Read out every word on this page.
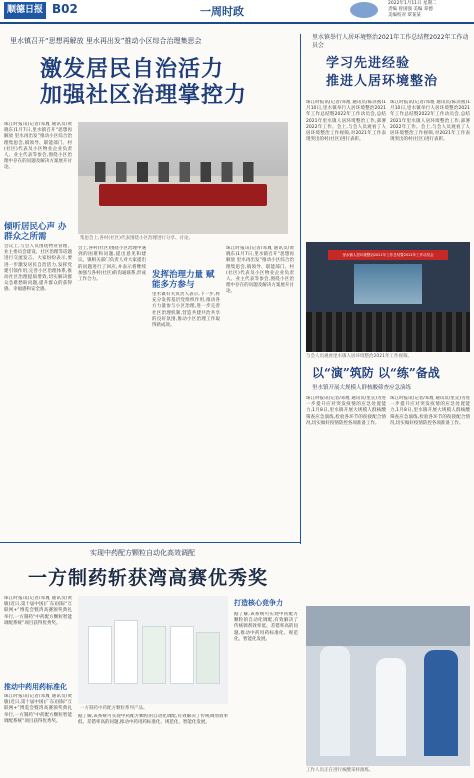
顺德日报 B02	一周时政
2022年1月11日 星期二
责编 曾国强 美编 邓德
美编校对 覃某某
里水镇召开“思想再解放 里水再出发”推动小区综合治理集思会
激发居民自治活力
加强社区治理掌控力
珠江时报讯(记者/邓胤 通讯员/黄晓东)1月7日,里水镇召开“思想再解放 里水再出发”推动小区综合治理集思会,镇领导、职能部门、村(社区)代表及小区物业企业负责人、业主代表等参会,围绕小区治理中存在的问题及解决方案展开讨论。
集思会上,各村(社区)代表围绕小区治理进行分享、讨论。
倾听居民心声 办群众之所需
会议上,与会人员围绕物业管理、业主委员会建设、社区治理等话题进行交流发言。大家纷纷表示,要进一步激发居民自治活力,发挥党建引领作用,完善小区治理体系,推动社区治理提质增效,切实解决群众急难愁盼问题,提升群众的获得感、幸福感和安全感。
会上,各村(社区)围绕小区治理中遇到的困难和问题,提出意见和建议。镇相关部门负责人对大家提出的问题进行了回应,并表示将继续加强与各村(社区)的沟通联系,形成工作合力。	发挥治理力量 赋能多方参与
里水镇有关负责人表示,下一步,将充分发挥基层党组织作用,推动各方力量参与小区治理,进一步完善社区治理机制,营造共建共治共享的良好氛围,推动小区治理工作取得新成效。
珠江时报讯(记者/邓胤 通讯员/黄晓东)1月7日,里水镇召开“思想再解放 里水再出发”推动小区综合治理集思会,镇领导、职能部门、村(社区)代表及小区物业企业负责人、业主代表等参会,围绕小区治理中存在的问题及解决方案展开讨论。
里水镇举行人居环境整治2021年工作总结暨2022年工作动员会
学习先进经验
推进人居环境整治
珠江时报讯(记者/邓胤 通讯员/陈泽燕)1月10日,里水镇举行人居环境整治2021年工作总结暨2022年工作动员会,总结2021年里水镇人居环境整治工作,部署2022年工作。会上,与会人员观看了人居环境整治工作视频,对2021年工作表现突出的村(社区)进行表彰。
珠江时报讯(记者/邓胤 通讯员/陈泽燕)1月10日,里水镇举行人居环境整治2021年工作总结暨2022年工作动员会,总结2021年里水镇人居环境整治工作,部署2022年工作。会上,与会人员观看了人居环境整治工作视频,对2021年工作表现突出的村(社区)进行表彰。
里水镇人居环境整治2021年工作总结暨2022年工作动员会
与会人员观看里水镇人居环境整治2021年工作视频。
以“演”筑防 以“练”备战
里水镇开展大规模人群核酸筛查应急演练
珠江时报讯(记者/邓胤 通讯员/里宣)为进一步提升应对突发疫情的应急处置能力,1月8日,里水镇开展大规模人群核酸筛查应急演练,检验各环节的衔接配合情况,切实做好疫情防控各项准备工作。
珠江时报讯(记者/邓胤 通讯员/里宣)为进一步提升应对突发疫情的应急处置能力,1月8日,里水镇开展大规模人群核酸筛查应急演练,检验各环节的衔接配合情况,切实做好疫情防控各项准备工作。
工作人员正在进行核酸采样演练。
实现中药配方颗粒自动化高效调配
一方制药斩获湾高赛优秀奖
珠江时报讯(记者/邓胤 通讯员/黄敏)近日,第十届中国(广东)国际“互联网+”博览会暨湾高赛颁奖典礼举行,一方制药“中药配方颗粒智能调配系统”项目获得优秀奖。
一方制药中药配方颗粒系列产品。
推动中药用药标准化
珠江时报讯(记者/邓胤 通讯员/黄敏)近日,第十届中国(广东)国际“互联网+”博览会暨湾高赛颁奖典礼举行,一方制药“中药配方颗粒智能调配系统”项目获得优秀奖。
打造核心竞争力
据了解,该系统可实现中药配方颗粒的自动化调配,有效解决了传统调剂效率低、差错率高的问题,推动中药用药标准化、规范化、智能化发展。
据了解,该系统可实现中药配方颗粒的自动化调配,有效解决了传统调剂效率低、差错率高的问题,推动中药用药标准化、规范化、智能化发展。
